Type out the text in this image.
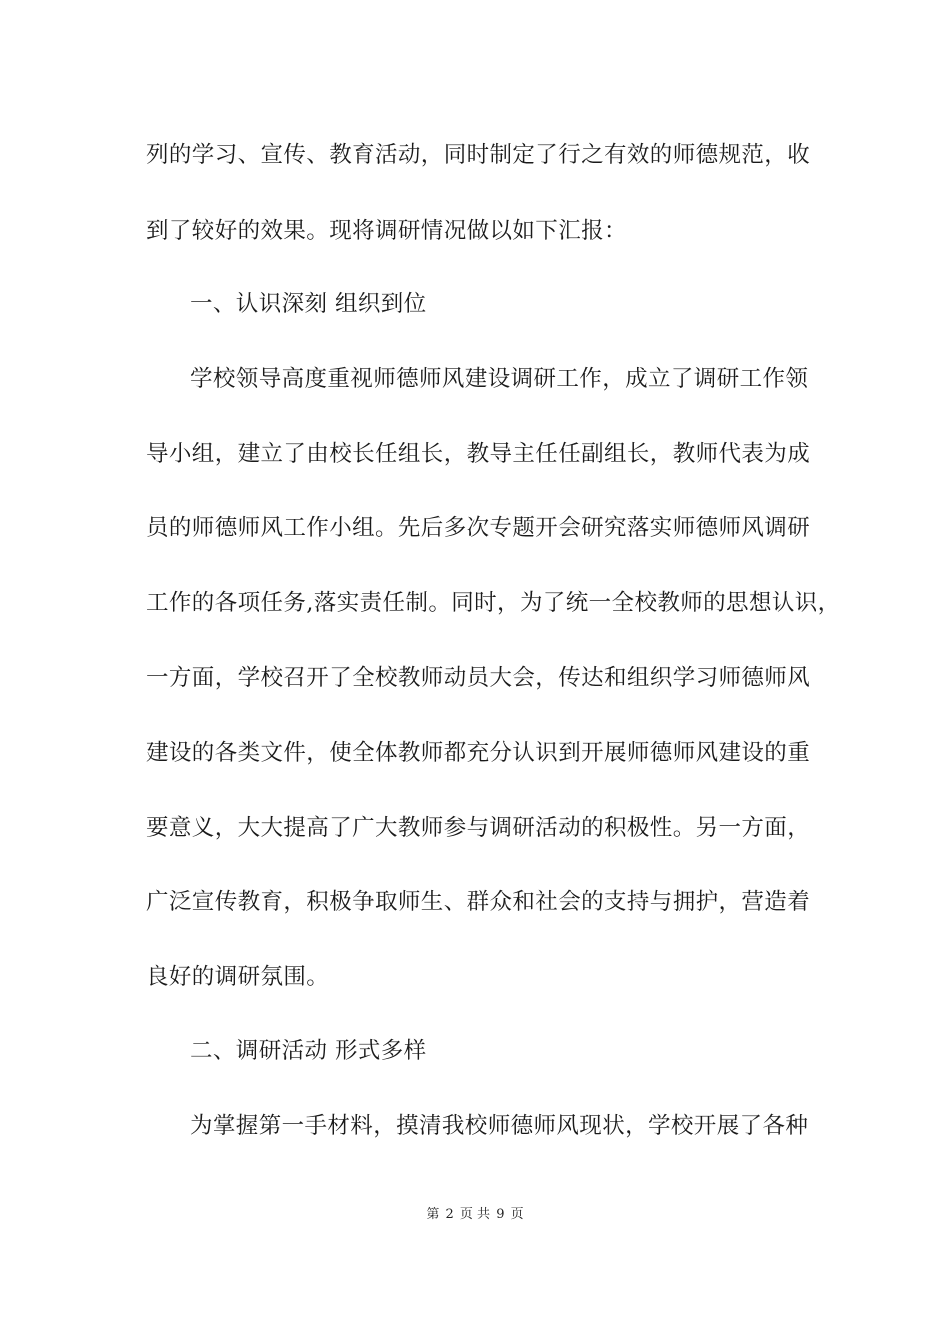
列的学习、宣传、教育活动，同时制定了行之有效的师德规范，收
到了较好的效果。现将调研情况做以如下汇报：
一、认识深刻 组织到位
学校领导高度重视师德师风建设调研工作，成立了调研工作领
导小组，建立了由校长任组长，教导主任任副组长，教师代表为成
员的师德师风工作小组。先后多次专题开会研究落实师德师风调研
工作的各项任务,落实责任制。同时，为了统一全校教师的思想认识，
一方面，学校召开了全校教师动员大会，传达和组织学习师德师风
建设的各类文件，使全体教师都充分认识到开展师德师风建设的重
要意义，大大提高了广大教师参与调研活动的积极性。另一方面，
广泛宣传教育，积极争取师生、群众和社会的支持与拥护，营造着
良好的调研氛围。
二、调研活动 形式多样
为掌握第一手材料，摸清我校师德师风现状，学校开展了各种
第 2 页 共 9 页
